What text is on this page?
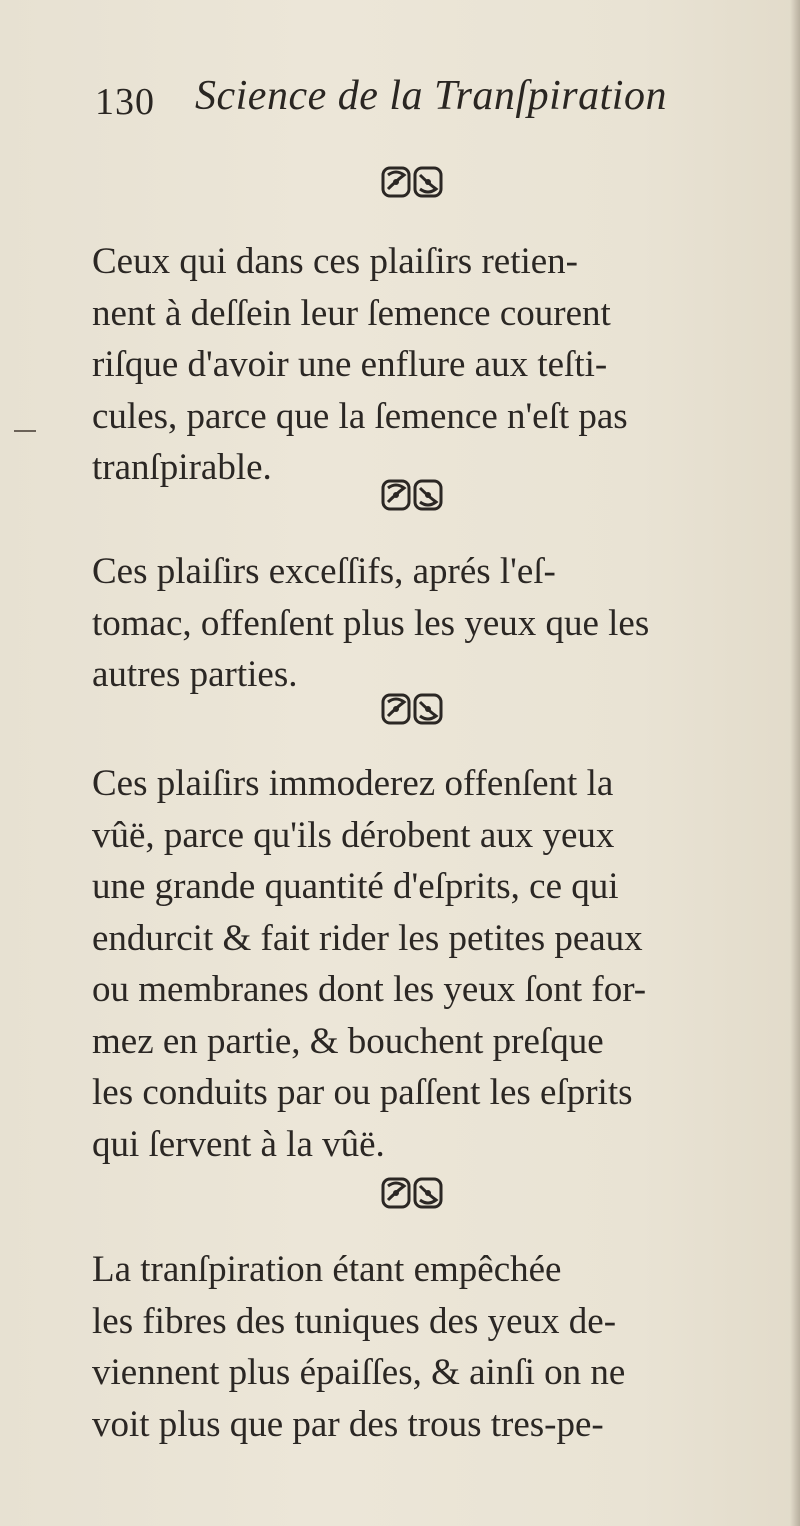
130 Science de la Tranſpiration

Ceux qui dans ces plaiſirs retien-
nent à deſſein leur ſemence courent
riſque d'avoir une enflure aux teſti-
cules, parce que la ſemence n'eſt pas
tranſpirable.

Ces plaiſirs exceſſifs, aprés l'eſ-
tomac, offenſent plus les yeux que les
autres parties.

Ces plaiſirs immoderez offenſent la
vûë, parce qu'ils dérobent aux yeux
une grande quantité d'eſprits, ce qui
endurcit & fait rider les petites peaux
ou membranes dont les yeux ſont for-
mez en partie, & bouchent preſque
les conduits par ou paſſent les eſprits
qui ſervent à la vûë.

La tranſpiration étant empêchée
les fibres des tuniques des yeux de-
viennent plus épaiſſes, & ainſi on ne
voit plus que par des trous tres-pe-
